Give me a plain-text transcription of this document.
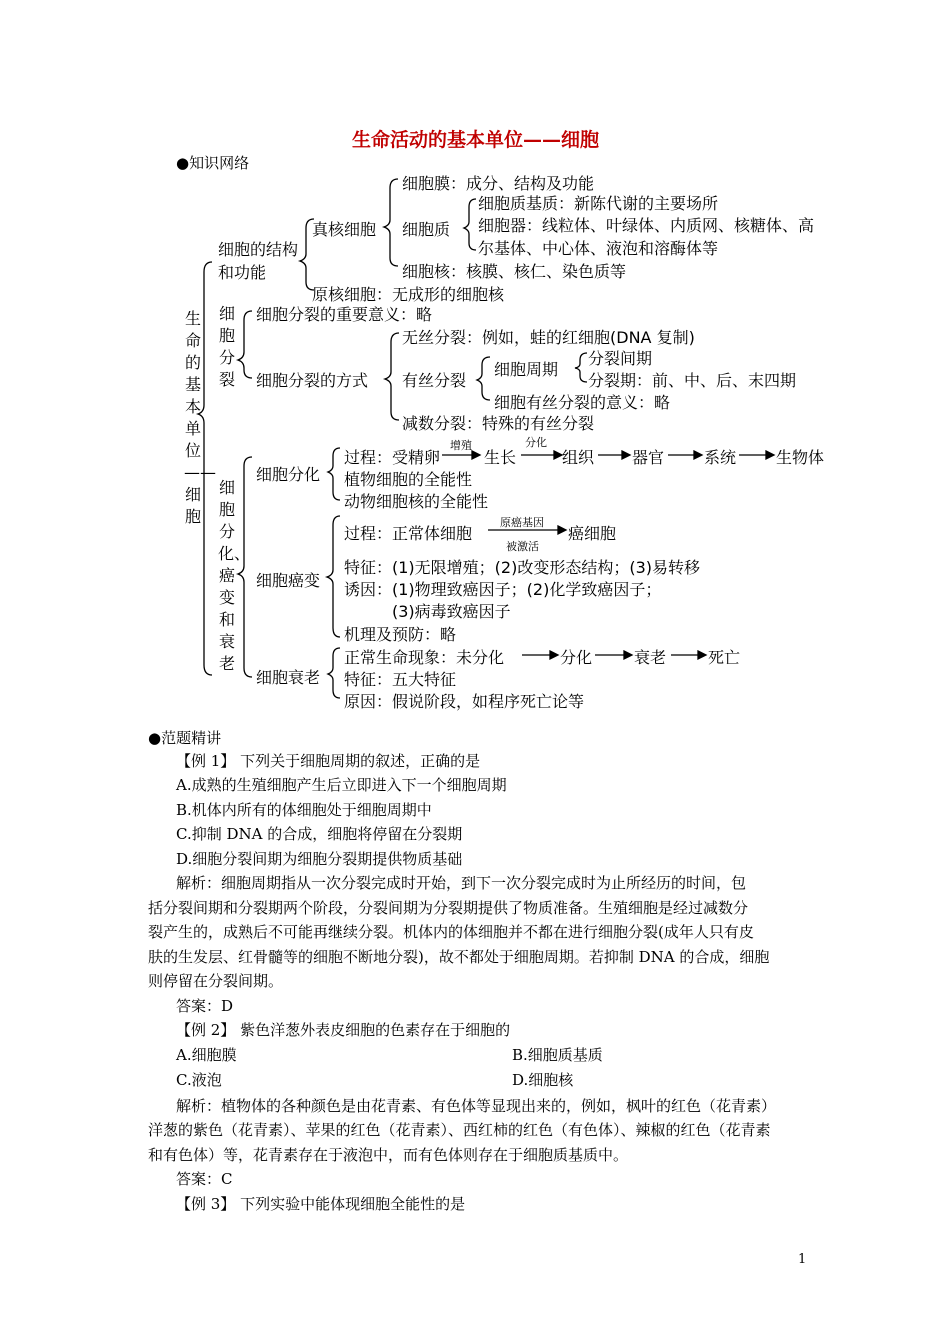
生命活动的基本单位——细胞
●知识网络
生命的基本单位——细胞
细胞的结构和功能
真核细胞
细胞膜：成分、结构及功能
细胞质
细胞质基质：新陈代谢的主要场所
细胞器：线粒体、叶绿体、内质网、核糖体、高
尔基体、中心体、液泡和溶酶体等
细胞核：核膜、核仁、染色质等
原核细胞：无成形的细胞核
细胞分裂
细胞分裂的重要意义：略
细胞分裂的方式
无丝分裂：例如，蛙的红细胞(DNA 复制)
有丝分裂
细胞周期
分裂间期
分裂期：前、中、后、末四期
细胞有丝分裂的意义：略
减数分裂：特殊的有丝分裂
细胞分化、癌变和衰老
细胞分化
过程：受精卵
增殖
生长
分化
组织 器官 系统 生物体
植物细胞的全能性
动物细胞核的全能性
细胞癌变
过程：正常体细胞
原癌基因
被激活
癌细胞
特征：(1)无限增殖；(2)改变形态结构；(3)易转移
诱因：(1)物理致癌因子；(2)化学致癌因子；
(3)病毒致癌因子
机理及预防：略
细胞衰老
正常生命现象：未分化	分化	衰老	死亡
特征：五大特征
原因：假说阶段，如程序死亡论等
●范题精讲
【例 1】 下列关于细胞周期的叙述，正确的是
A.成熟的生殖细胞产生后立即进入下一个细胞周期
B.机体内所有的体细胞处于细胞周期中
C.抑制 DNA 的合成，细胞将停留在分裂期
D.细胞分裂间期为细胞分裂期提供物质基础
解析：细胞周期指从一次分裂完成时开始，到下一次分裂完成时为止所经历的时间，包
括分裂间期和分裂期两个阶段，分裂间期为分裂期提供了物质准备。生殖细胞是经过减数分
裂产生的，成熟后不可能再继续分裂。机体内的体细胞并不都在进行细胞分裂(成年人只有皮
肤的生发层、红骨髓等的细胞不断地分裂)，故不都处于细胞周期。若抑制 DNA 的合成，细胞
则停留在分裂间期。
答案：D
【例 2】 紫色洋葱外表皮细胞的色素存在于细胞的
A.细胞膜	B.细胞质基质
C.液泡	D.细胞核
解析：植物体的各种颜色是由花青素、有色体等显现出来的，例如，枫叶的红色（花青素）
洋葱的紫色（花青素）、苹果的红色（花青素）、西红柿的红色（有色体）、辣椒的红色（花青素
和有色体）等，花青素存在于液泡中，而有色体则存在于细胞质基质中。
答案：C
【例 3】 下列实验中能体现细胞全能性的是
1
